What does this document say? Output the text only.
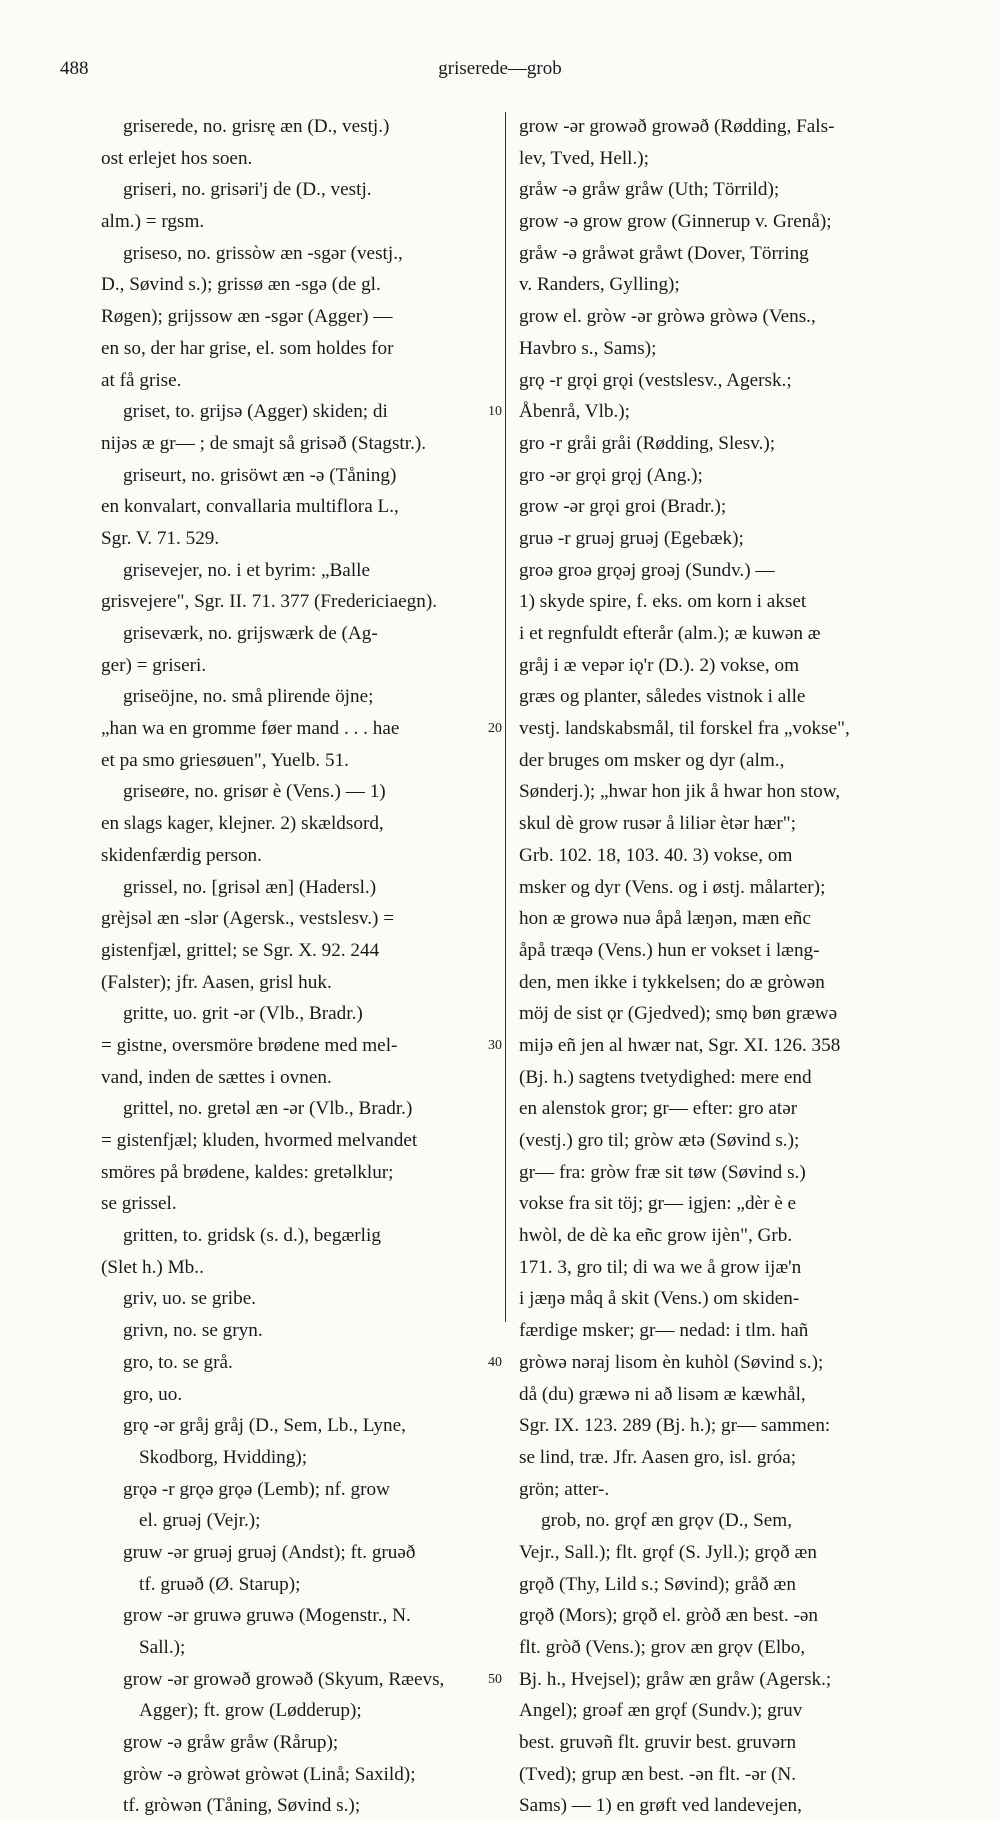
488	griserede—grob
griserede, no. grisrę æn (D., vestj.)
ost erlejet hos soen.
griseri, no. grisəri'j de (D., vestj.
alm.) = rgsm.
griseso, no. grissòw æn -sgər (vestj.,
D., Søvind s.); grissø æn -sgə (de gl.
Røgen); grijssow æn -sgər (Agger) —
en so, der har grise, el. som holdes for
at få grise.
griset, to. grijsə (Agger) skiden; di
nijəs æ gr— ; de smajt så grisəð (Stagstr.).
griseurt, no. grisöwt æn -ə (Tåning)
en konvalart, convallaria multiflora L.,
Sgr. V. 71. 529.
grisevejer, no. i et byrim: „Balle
grisvejere", Sgr. II. 71. 377 (Fredericiaegn).
griseværk, no. grijswærk de (Ag-
ger) = griseri.
griseöjne, no. små plirende öjne;
„han wa en gromme føer mand . . . hae
et pa smo griesøuen", Yuelb. 51.
griseøre, no. grisør è (Vens.) — 1)
en slags kager, klejner. 2) skældsord,
skidenfærdig person.
grissel, no. [grisəl æn] (Hadersl.)
grèjsəl æn -slər (Agersk., vestslesv.) =
gistenfjæl, grittel; se Sgr. X. 92. 244
(Falster); jfr. Aasen, grisl huk.
gritte, uo. grit -ər (Vlb., Bradr.)
= gistne, oversmöre brødene med mel-
vand, inden de sættes i ovnen.
grittel, no. gretəl æn -ər (Vlb., Bradr.)
= gistenfjæl; kluden, hvormed melvandet
smöres på brødene, kaldes: gretəlklur;
se grissel.
gritten, to. gridsk (s. d.), begærlig
(Slet h.) Mb..
griv, uo. se gribe.
grivn, no. se gryn.
gro, to. se grå.
gro, uo.
grǫ -ər gråj gråj (D., Sem, Lb., Lyne,
Skodborg, Hvidding);
grǫə -r grǫə grǫə (Lemb); nf. grow
el. gruəj (Vejr.);
gruw -ər gruəj gruəj (Andst); ft. gruəð
tf. gruəð (Ø. Starup);
grow -ər gruwə gruwə (Mogenstr., N.
Sall.);
grow -ər growəð growəð (Skyum, Ræevs,
Agger); ft. grow (Lødderup);
grow -ə gråw gråw (Rårup);
gròw -ə gròwət gròwət (Linå; Saxild);
tf. gròwən (Tåning, Søvind s.);
grow -ər growəð growəð (Rødding, Fals-
lev, Tved, Hell.);
gråw -ə gråw gråw (Uth; Törrild);
grow -ə grow grow (Ginnerup v. Grenå);
gråw -ə gråwət gråwt (Dover, Törring
v. Randers, Gylling);
grow el. gròw -ər gròwə gròwə (Vens.,
Havbro s., Sams);
grǫ -r grǫi grǫi (vestslesv., Agersk.;
Åbenrå, Vlb.);
gro -r gråi gråi (Rødding, Slesv.);
gro -ər grǫi grǫj (Ang.);
grow -ər grǫi groi (Bradr.);
gruə -r gruəj gruəj (Egebæk);
groə groə grǫəj groəj (Sundv.) —
1) skyde spire, f. eks. om korn i akset
i et regnfuldt efterår (alm.); æ kuwən æ
gråj i æ vepər iǫ'r (D.). 2) vokse, om
græs og planter, således vistnok i alle
vestj. landskabsmål, til forskel fra „vokse",
der bruges om msker og dyr (alm.,
Sønderj.); „hwar hon jik å hwar hon stow,
skul dè grow rusər å liliər ètər hær";
Grb. 102. 18, 103. 40. 3) vokse, om
msker og dyr (Vens. og i østj. målarter);
hon æ growə nuə åpå læŋən, mæn eñc
åpå træqə (Vens.) hun er vokset i læng-
den, men ikke i tykkelsen; do æ gròwən
möj de sist ǫr (Gjedved); smǫ bøn græwə
mijə eñ jen al hwær nat, Sgr. XI. 126. 358
(Bj. h.) sagtens tvetydighed: mere end
en alenstok gror; gr— efter: gro atər
(vestj.) gro til; gròw ætə (Søvind s.);
gr— fra: gròw fræ sit tøw (Søvind s.)
vokse fra sit töj; gr— igjen: „dèr è e
hwòl, de dè ka eñc grow ijèn", Grb.
171. 3, gro til; di wa we å grow ijæ'n
i jæŋə måq å skit (Vens.) om skiden-
færdige msker; gr— nedad: i tlm. hañ
gròwə nəraj lisom èn kuhòl (Søvind s.);
då (du) græwə ni að lisəm æ kæwhål,
Sgr. IX. 123. 289 (Bj. h.); gr— sammen:
se lind, træ. Jfr. Aasen gro, isl. gróa;
grön; atter-.
grob, no. grǫf æn grǫv (D., Sem,
Vejr., Sall.); flt. grǫf (S. Jyll.); grǫð æn
grǫð (Thy, Lild s.; Søvind); gråð æn
grǫð (Mors); grǫð el. gròð æn best. -ən
flt. gròð (Vens.); grov æn grǫv (Elbo,
Bj. h., Hvejsel); gråw æn gråw (Agersk.;
Angel); groəf æn grǫf (Sundv.); gruv
best. gruvəñ flt. gruvir best. gruvərn
(Tved); grup æn best. -ən flt. -ər (N.
Sams) — 1) en grøft ved landevejen,
10
20
30
40
50
